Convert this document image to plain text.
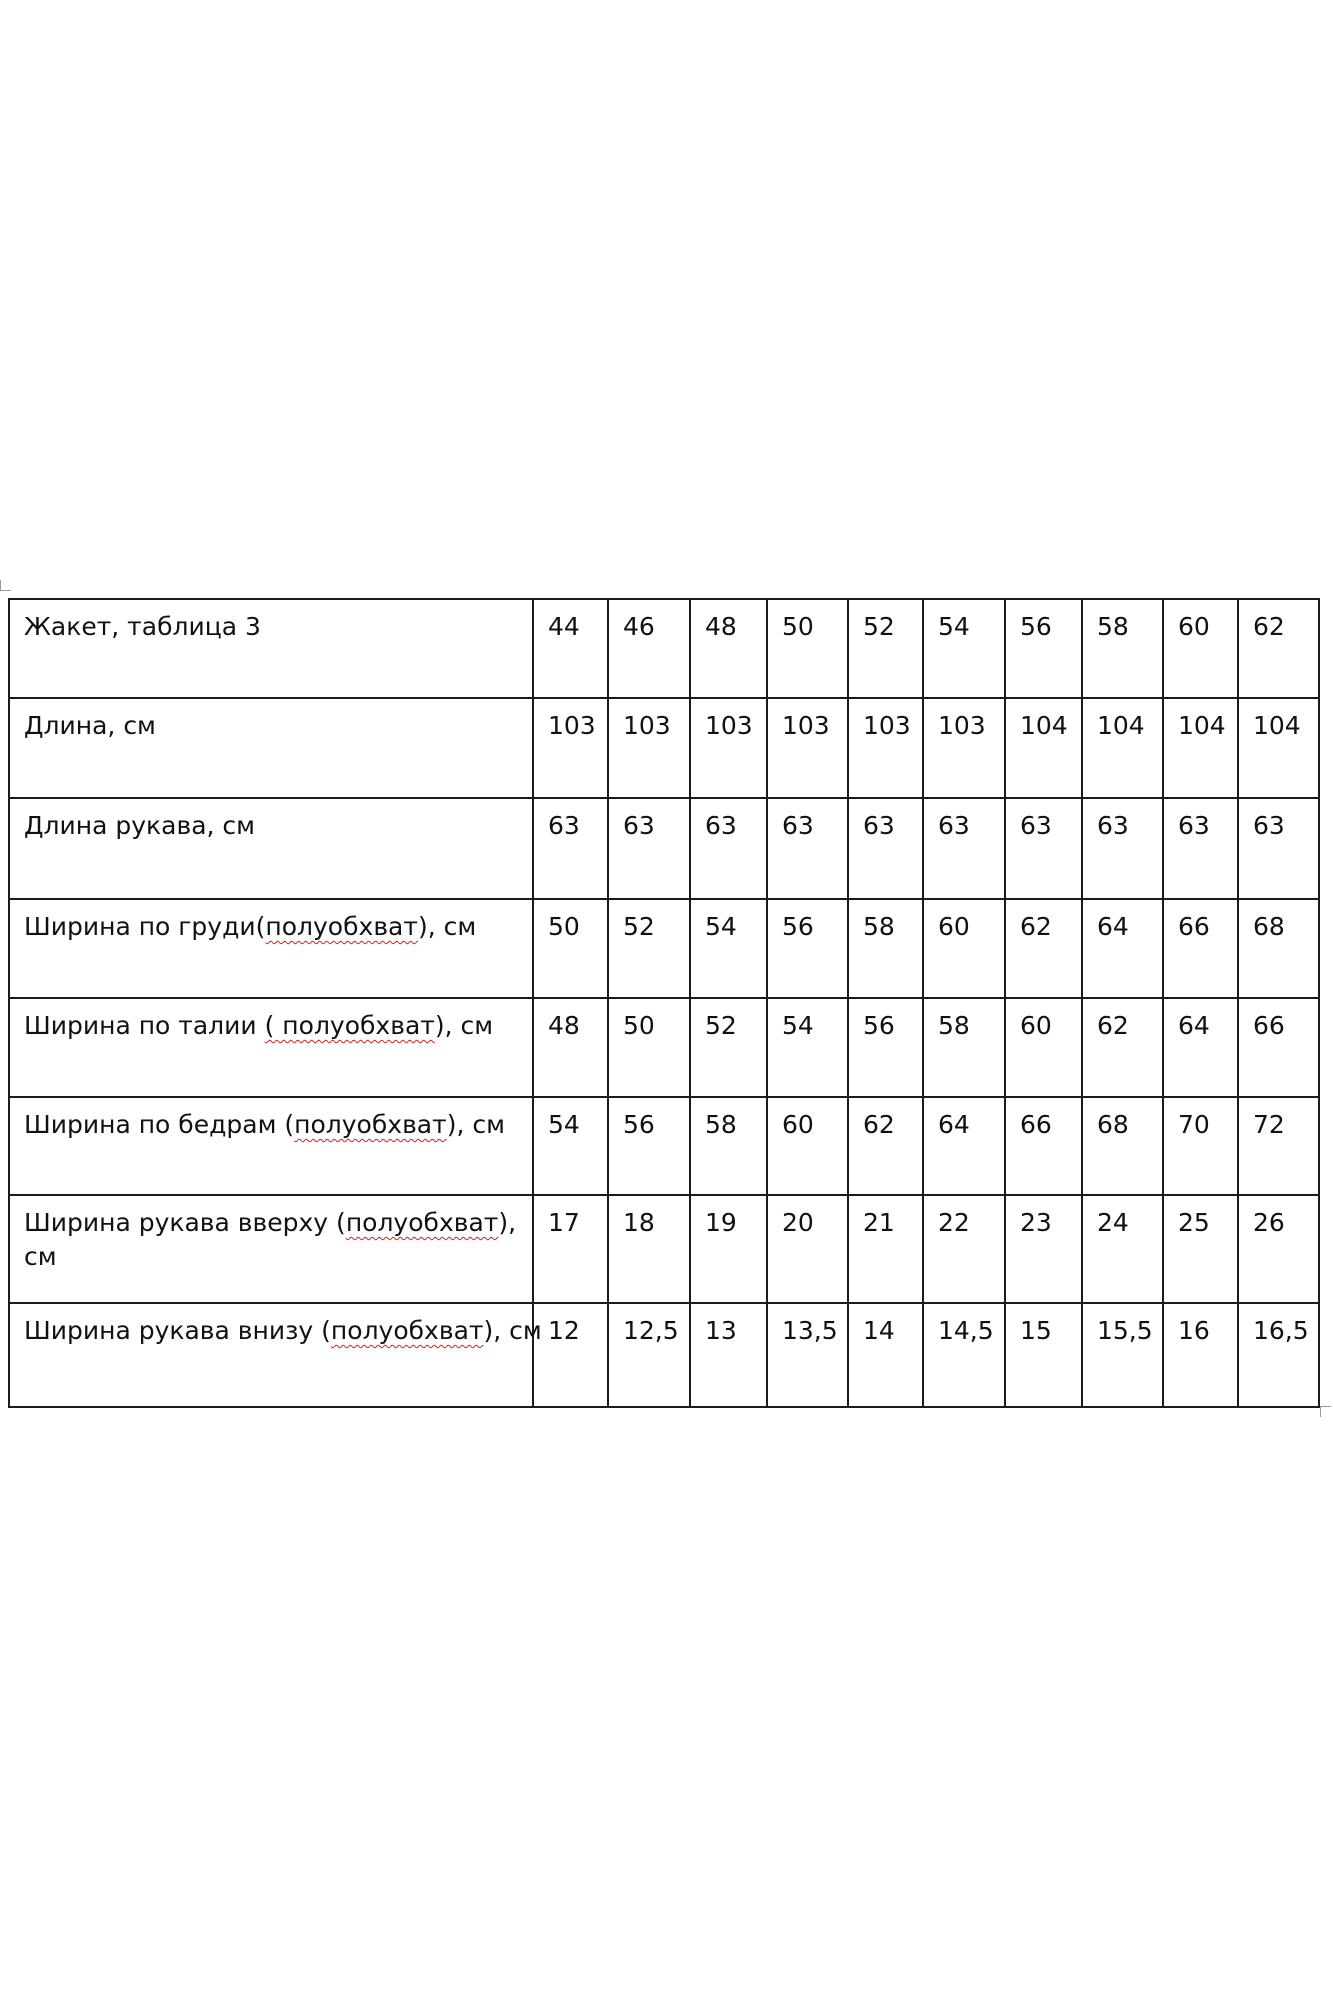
Жакет, таблица 3	44	46	48	50	52	54	56	58	60	62
Длина, см	103	103	103	103	103	103	104	104	104	104
Длина рукава, см	63	63	63	63	63	63	63	63	63	63
Ширина по груди(полуобхват), см	50	52	54	56	58	60	62	64	66	68
Ширина по талии ( полуобхват), см	48	50	52	54	56	58	60	62	64	66
Ширина по бедрам (полуобхват), см	54	56	58	60	62	64	66	68	70	72
Ширина рукава вверху (полуобхват), см	17	18	19	20	21	22	23	24	25	26
Ширина рукава внизу (полуобхват), см	12	12,5	13	13,5	14	14,5	15	15,5	16	16,5
